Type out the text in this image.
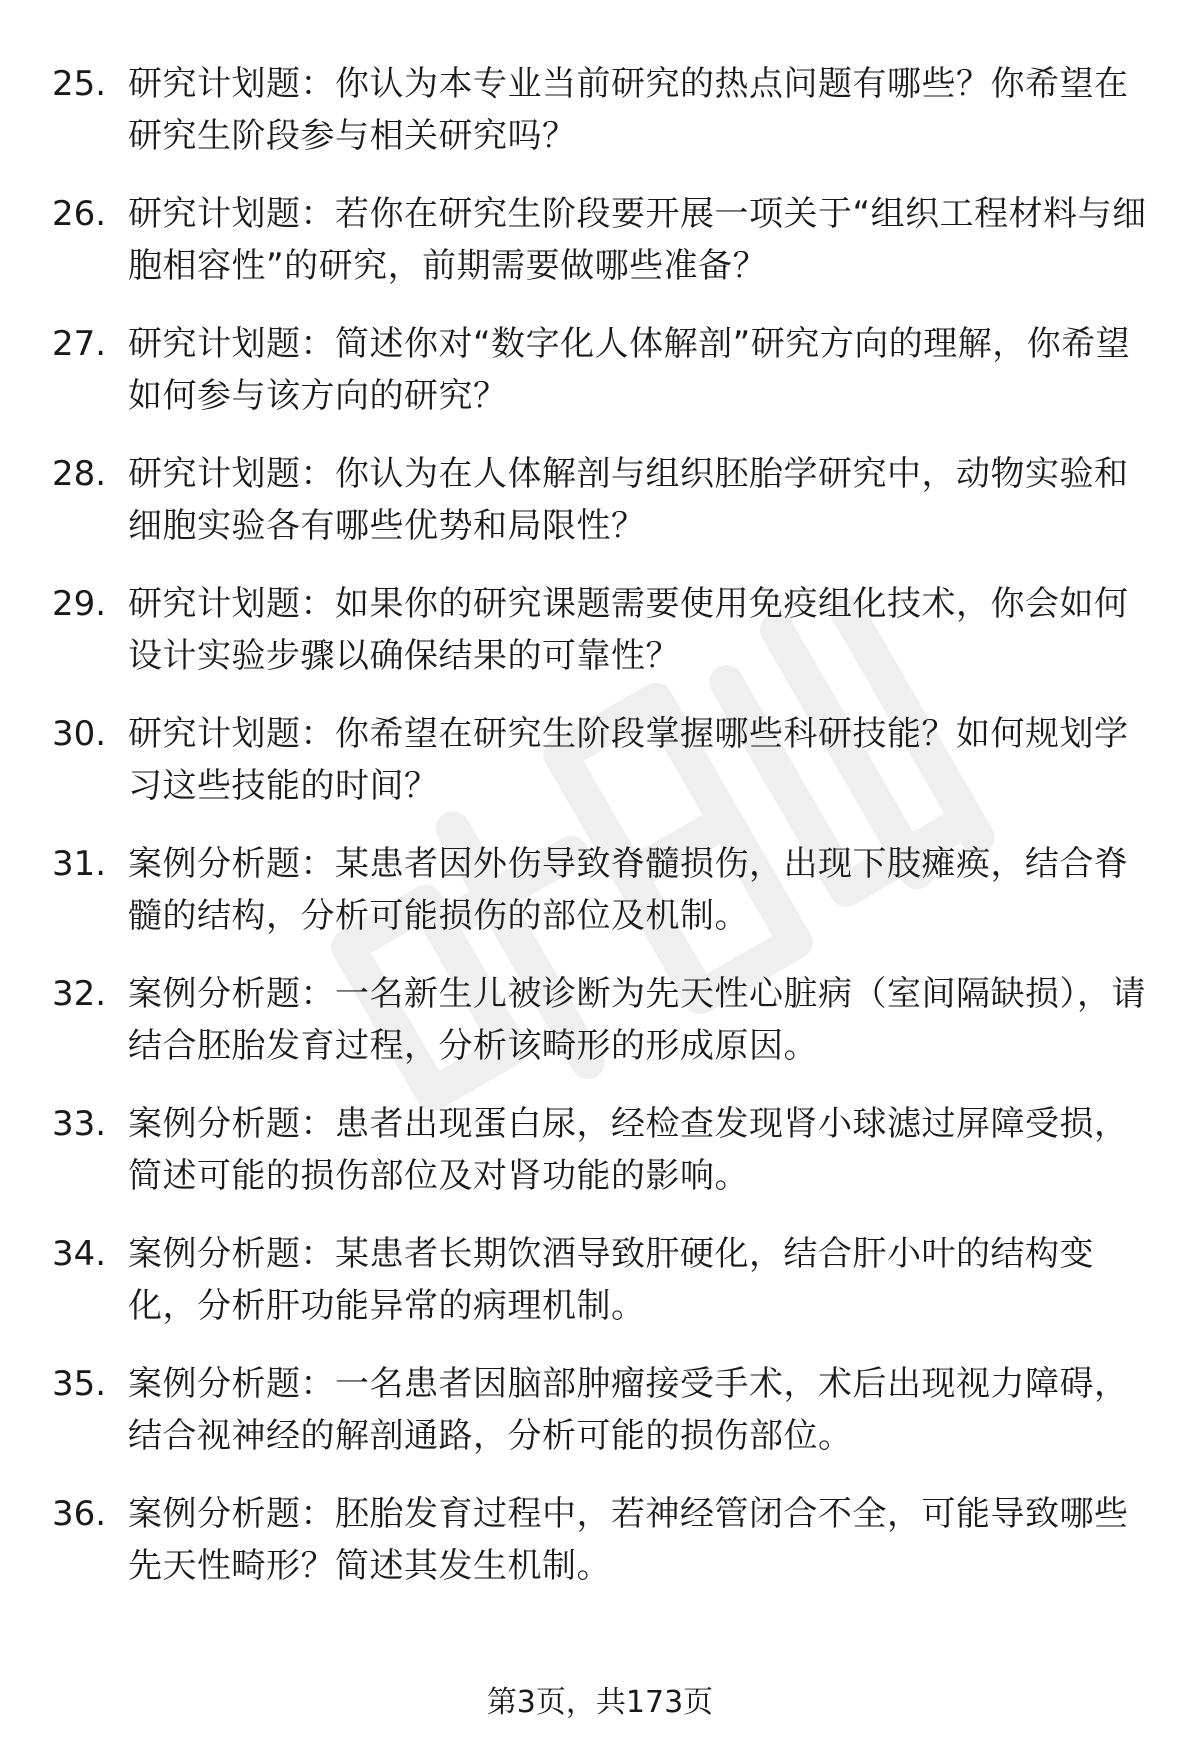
25. 研究计划题：你认为本专业当前研究的热点问题有哪些？你希望在研究生阶段参与相关研究吗？
26. 研究计划题：若你在研究生阶段要开展一项关于“组织工程材料与细胞相容性”的研究，前期需要做哪些准备？
27. 研究计划题：简述你对“数字化人体解剖”研究方向的理解，你希望如何参与该方向的研究？
28. 研究计划题：你认为在人体解剖与组织胚胎学研究中，动物实验和细胞实验各有哪些优势和局限性？
29. 研究计划题：如果你的研究课题需要使用免疫组化技术，你会如何设计实验步骤以确保结果的可靠性？
30. 研究计划题：你希望在研究生阶段掌握哪些科研技能？如何规划学习这些技能的时间？
31. 案例分析题：某患者因外伤导致脊髓损伤，出现下肢瘫痪，结合脊髓的结构，分析可能损伤的部位及机制。
32. 案例分析题：一名新生儿被诊断为先天性心脏病（室间隔缺损），请结合胚胎发育过程，分析该畸形的形成原因。
33. 案例分析题：患者出现蛋白尿，经检查发现肾小球滤过屏障受损，简述可能的损伤部位及对肾功能的影响。
34. 案例分析题：某患者长期饮酒导致肝硬化，结合肝小叶的结构变化，分析肝功能异常的病理机制。
35. 案例分析题：一名患者因脑部肿瘤接受手术，术后出现视力障碍，结合视神经的解剖通路，分析可能的损伤部位。
36. 案例分析题：胚胎发育过程中，若神经管闭合不全，可能导致哪些先天性畸形？简述其发生机制。
第3页，共173页
